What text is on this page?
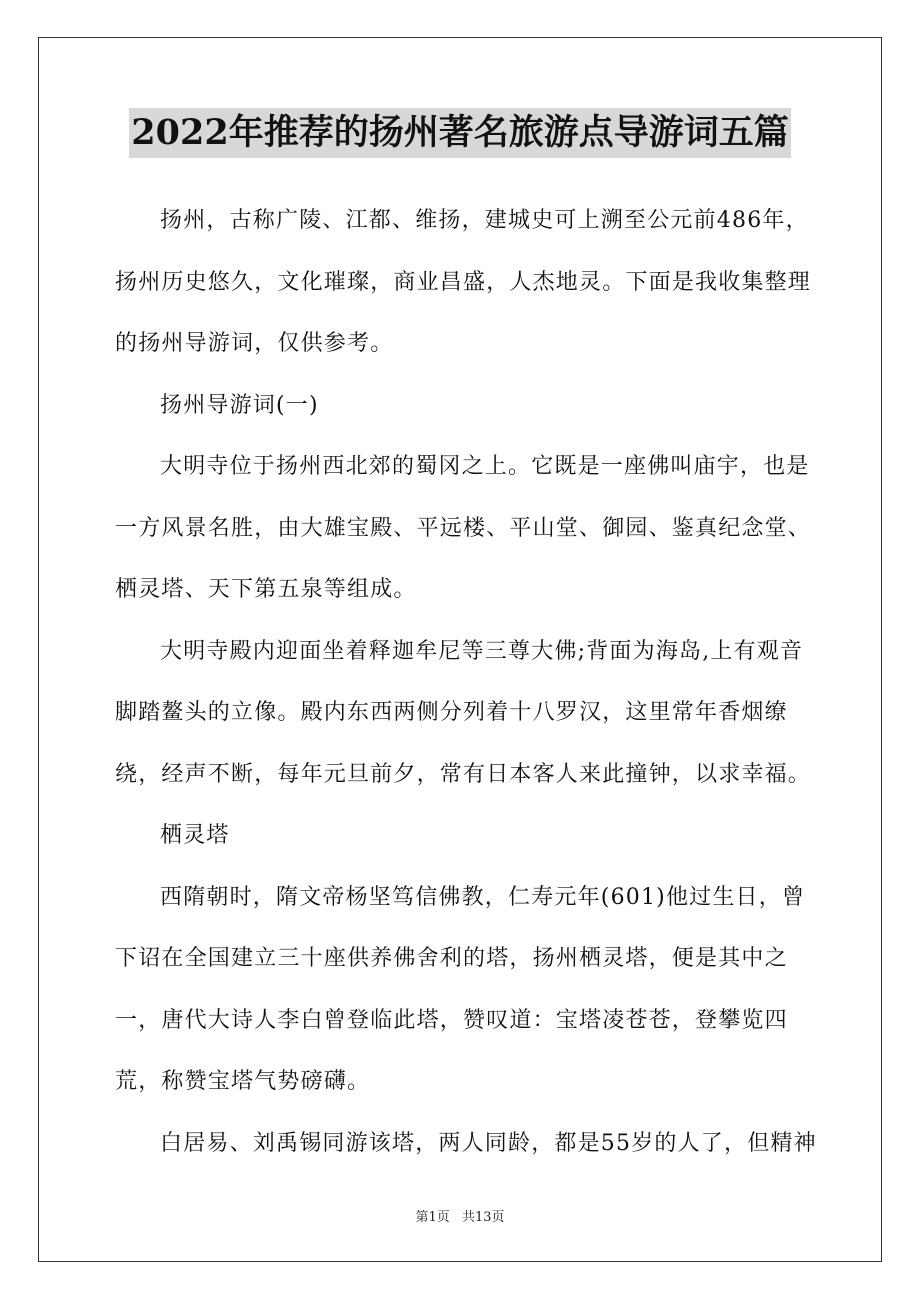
2022年推荐的扬州著名旅游点导游词五篇

扬州，古称广陵、江都、维扬，建城史可上溯至公元前486年，扬州历史悠久，文化璀璨，商业昌盛，人杰地灵。下面是我收集整理的扬州导游词，仅供参考。

扬州导游词(一)

大明寺位于扬州西北郊的蜀冈之上。它既是一座佛叫庙宇，也是一方风景名胜，由大雄宝殿、平远楼、平山堂、御园、鉴真纪念堂、栖灵塔、天下第五泉等组成。

大明寺殿内迎面坐着释迦牟尼等三尊大佛;背面为海岛,上有观音脚踏鳌头的立像。殿内东西两侧分列着十八罗汉，这里常年香烟缭绕，经声不断，每年元旦前夕，常有日本客人来此撞钟，以求幸福。

栖灵塔

西隋朝时，隋文帝杨坚笃信佛教，仁寿元年(601)他过生日，曾下诏在全国建立三十座供养佛舍利的塔，扬州栖灵塔，便是其中之一，唐代大诗人李白曾登临此塔，赞叹道：宝塔凌苍苍，登攀览四荒，称赞宝塔气势磅礴。

白居易、刘禹锡同游该塔，两人同龄，都是55岁的人了，但精神

第1页 共13页
